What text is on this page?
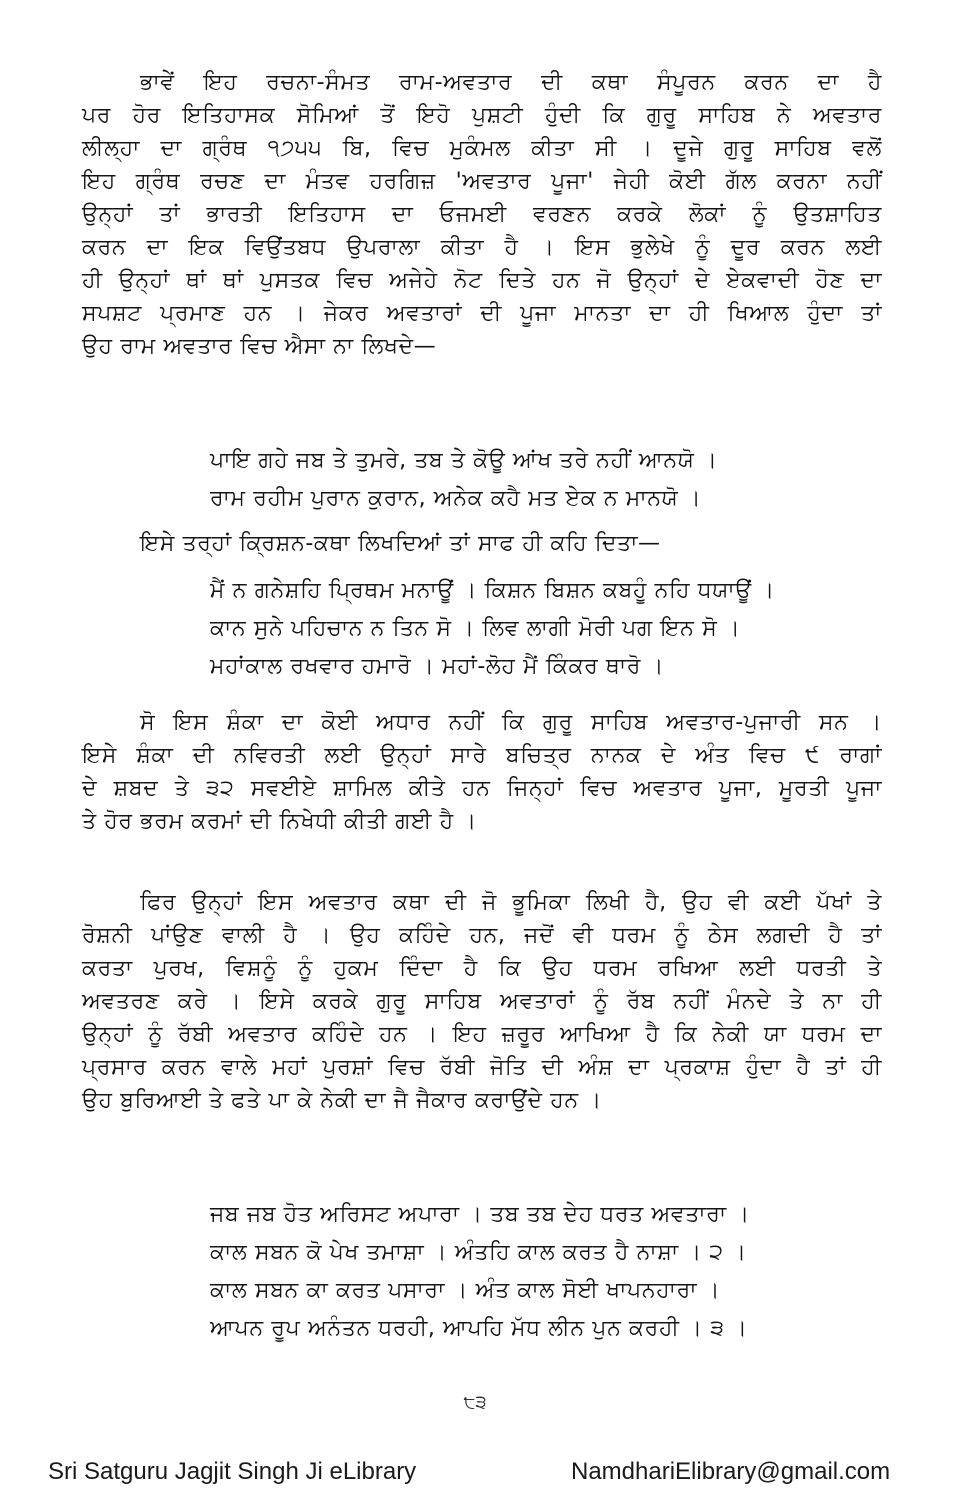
ਭਾਵੇਂ ਇਹ ਰਚਨਾ-ਸੰਮਤ ਰਾਮ-ਅਵਤਾਰ ਦੀ ਕਥਾ ਸੰਪੂਰਨ ਕਰਨ ਦਾ ਹੈ
ਪਰ ਹੋਰ ਇਤਿਹਾਸਕ ਸੋਮਿਆਂ ਤੋਂ ਇਹੋ ਪੁਸ਼ਟੀ ਹੁੰਦੀ ਕਿ ਗੁਰੂ ਸਾਹਿਬ ਨੇ ਅਵਤਾਰ
ਲੀਲ੍ਹਾ ਦਾ ਗ੍ਰੰਥ ੧੭੫੫ ਬਿ, ਵਿਚ ਮੁਕੰਮਲ ਕੀਤਾ ਸੀ । ਦੂਜੇ ਗੁਰੂ ਸਾਹਿਬ ਵਲੋਂ
ਇਹ ਗ੍ਰੰਥ ਰਚਣ ਦਾ ਮੰਤਵ ਹਰਗਿਜ਼ 'ਅਵਤਾਰ ਪੂਜਾ' ਜੇਹੀ ਕੋਈ ਗੱਲ ਕਰਨਾ ਨਹੀਂ
ਉਨ੍ਹਾਂ ਤਾਂ ਭਾਰਤੀ ਇਤਿਹਾਸ ਦਾ ਓਜਮਈ ਵਰਣਨ ਕਰਕੇ ਲੋਕਾਂ ਨੂੰ ਉਤਸ਼ਾਹਿਤ
ਕਰਨ ਦਾ ਇਕ ਵਿਉਂਤਬਧ ਉਪਰਾਲਾ ਕੀਤਾ ਹੈ । ਇਸ ਭੁਲੇਖੇ ਨੂੰ ਦੂਰ ਕਰਨ ਲਈ
ਹੀ ਉਨ੍ਹਾਂ ਥਾਂ ਥਾਂ ਪੁਸਤਕ ਵਿਚ ਅਜੇਹੇ ਨੋਟ ਦਿਤੇ ਹਨ ਜੋ ਉਨ੍ਹਾਂ ਦੇ ਏਕਵਾਦੀ ਹੋਣ ਦਾ
ਸਪਸ਼ਟ ਪ੍ਰਮਾਣ ਹਨ । ਜੇਕਰ ਅਵਤਾਰਾਂ ਦੀ ਪੂਜਾ ਮਾਨਤਾ ਦਾ ਹੀ ਖਿਆਲ ਹੁੰਦਾ ਤਾਂ
ਉਹ ਰਾਮ ਅਵਤਾਰ ਵਿਚ ਐਸਾ ਨਾ ਲਿਖਦੇ—
ਪਾਇ ਗਹੇ ਜਬ ਤੇ ਤੁਮਰੇ, ਤਬ ਤੇ ਕੋਊ ਆਂਖ ਤਰੇ ਨਹੀਂ ਆਨਯੋ ।
ਰਾਮ ਰਹੀਮ ਪੁਰਾਨ ਕੁਰਾਨ, ਅਨੇਕ ਕਹੈ ਮਤ ਏਕ ਨ ਮਾਨਯੋ ।
ਇਸੇ ਤਰ੍ਹਾਂ ਕ੍ਰਿਸ਼ਨ-ਕਥਾ ਲਿਖਦਿਆਂ ਤਾਂ ਸਾਫ ਹੀ ਕਹਿ ਦਿਤਾ—
ਮੈਂ ਨ ਗਨੇਸ਼ਹਿ ਪ੍ਰਿਥਮ ਮਨਾਊਂ । ਕਿਸ਼ਨ ਬਿਸ਼ਨ ਕਬਹੂੰ ਨਹਿ ਧਯਾਊਂ ।
ਕਾਨ ਸੁਨੇ ਪਹਿਚਾਨ ਨ ਤਿਨ ਸੋ । ਲਿਵ ਲਾਗੀ ਮੋਰੀ ਪਗ ਇਨ ਸੋ ।
ਮਹਾਂਕਾਲ ਰਖਵਾਰ ਹਮਾਰੋ । ਮਹਾਂ-ਲੋਹ ਮੈਂ ਕਿੰਕਰ ਥਾਰੋ ।
ਸੋ ਇਸ ਸ਼ੰਕਾ ਦਾ ਕੋਈ ਅਧਾਰ ਨਹੀਂ ਕਿ ਗੁਰੂ ਸਾਹਿਬ ਅਵਤਾਰ-ਪੁਜਾਰੀ ਸਨ ।
ਇਸੇ ਸ਼ੰਕਾ ਦੀ ਨਵਿਰਤੀ ਲਈ ਉਨ੍ਹਾਂ ਸਾਰੇ ਬਚਿਤ੍ਰ ਨਾਨਕ ਦੇ ਅੰਤ ਵਿਚ ੯ ਰਾਗਾਂ
ਦੇ ਸ਼ਬਦ ਤੇ ੩੨ ਸਵਈਏ ਸ਼ਾਮਿਲ ਕੀਤੇ ਹਨ ਜਿਨ੍ਹਾਂ ਵਿਚ ਅਵਤਾਰ ਪੂਜਾ, ਮੂਰਤੀ ਪੂਜਾ
ਤੇ ਹੋਰ ਭਰਮ ਕਰਮਾਂ ਦੀ ਨਿਖੇਧੀ ਕੀਤੀ ਗਈ ਹੈ ।
ਫਿਰ ਉਨ੍ਹਾਂ ਇਸ ਅਵਤਾਰ ਕਥਾ ਦੀ ਜੋ ਭੂਮਿਕਾ ਲਿਖੀ ਹੈ, ਉਹ ਵੀ ਕਈ ਪੱਖਾਂ ਤੇ
ਰੋਸ਼ਨੀ ਪਾਂਉਣ ਵਾਲੀ ਹੈ । ਉਹ ਕਹਿੰਦੇ ਹਨ, ਜਦੋਂ ਵੀ ਧਰਮ ਨੂੰ ਠੇਸ ਲਗਦੀ ਹੈ ਤਾਂ
ਕਰਤਾ ਪੁਰਖ, ਵਿਸ਼ਨੂੰ ਨੂੰ ਹੁਕਮ ਦਿੰਦਾ ਹੈ ਕਿ ਉਹ ਧਰਮ ਰਖਿਆ ਲਈ ਧਰਤੀ ਤੇ
ਅਵਤਰਣ ਕਰੇ । ਇਸੇ ਕਰਕੇ ਗੁਰੂ ਸਾਹਿਬ ਅਵਤਾਰਾਂ ਨੂੰ ਰੱਬ ਨਹੀਂ ਮੰਨਦੇ ਤੇ ਨਾ ਹੀ
ਉਨ੍ਹਾਂ ਨੂੰ ਰੱਬੀ ਅਵਤਾਰ ਕਹਿੰਦੇ ਹਨ । ਇਹ ਜ਼ਰੂਰ ਆਖਿਆ ਹੈ ਕਿ ਨੇਕੀ ਯਾ ਧਰਮ ਦਾ
ਪ੍ਰਸਾਰ ਕਰਨ ਵਾਲੇ ਮਹਾਂ ਪੁਰਸ਼ਾਂ ਵਿਚ ਰੱਬੀ ਜੋਤਿ ਦੀ ਅੰਸ਼ ਦਾ ਪ੍ਰਕਾਸ਼ ਹੁੰਦਾ ਹੈ ਤਾਂ ਹੀ
ਉਹ ਬੁਰਿਆਈ ਤੇ ਫਤੇ ਪਾ ਕੇ ਨੇਕੀ ਦਾ ਜੈ ਜੈਕਾਰ ਕਰਾਉਂਦੇ ਹਨ ।
ਜਬ ਜਬ ਹੋਤ ਅਰਿਸਟ ਅਪਾਰਾ । ਤਬ ਤਬ ਦੇਹ ਧਰਤ ਅਵਤਾਰਾ ।
ਕਾਲ ਸਬਨ ਕੋ ਪੇਖ ਤਮਾਸ਼ਾ । ਅੰਤਹਿ ਕਾਲ ਕਰਤ ਹੈ ਨਾਸ਼ਾ । ੨ ।
ਕਾਲ ਸਬਨ ਕਾ ਕਰਤ ਪਸਾਰਾ । ਅੰਤ ਕਾਲ ਸੋਈ ਖਾਪਨਹਾਰਾ ।
ਆਪਨ ਰੂਪ ਅਨੰਤਨ ਧਰਹੀ, ਆਪਹਿ ਮੱਧ ਲੀਨ ਪੁਨ ਕਰਹੀ । ੩ ।
੮੩
Sri Satguru Jagjit Singh Ji eLibrary	NamdhariElibrary@gmail.com
